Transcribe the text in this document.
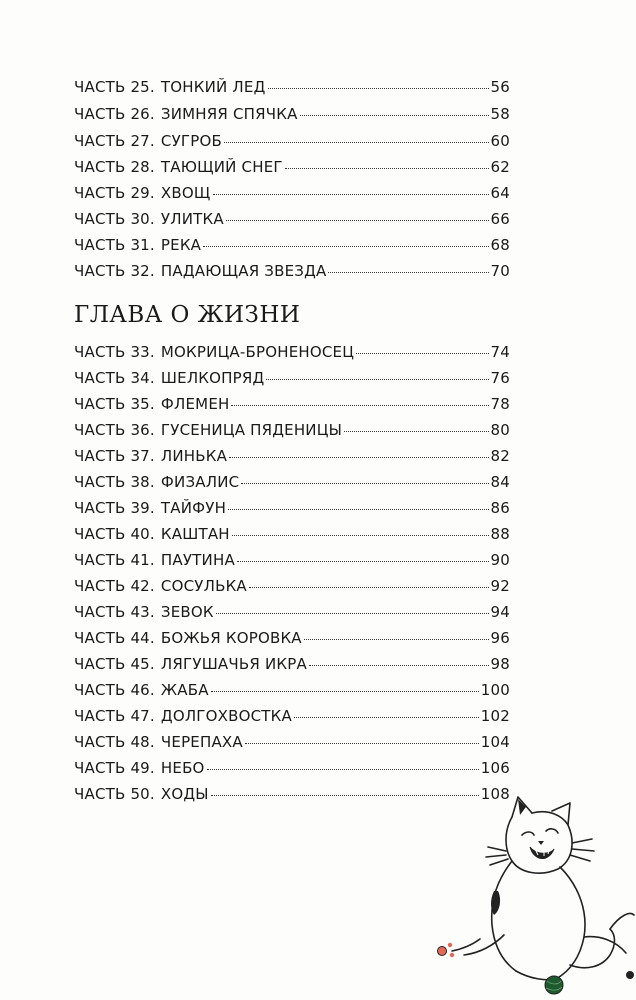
ЧАСТЬ 25. ТОНКИЙ ЛЕД	56
ЧАСТЬ 26. ЗИМНЯЯ СПЯЧКА	58
ЧАСТЬ 27. СУГРОБ	60
ЧАСТЬ 28. ТАЮЩИЙ СНЕГ	62
ЧАСТЬ 29. ХВОЩ	64
ЧАСТЬ 30. УЛИТКА	66
ЧАСТЬ 31. РЕКА	68
ЧАСТЬ 32. ПАДАЮЩАЯ ЗВЕЗДА	70
ГЛАВА О ЖИЗНИ
ЧАСТЬ 33. МОКРИЦА-БРОНЕНОСЕЦ	74
ЧАСТЬ 34. ШЕЛКОПРЯД	76
ЧАСТЬ 35. ФЛЕМЕН	78
ЧАСТЬ 36. ГУСЕНИЦА ПЯДЕНИЦЫ	80
ЧАСТЬ 37. ЛИНЬКА	82
ЧАСТЬ 38. ФИЗАЛИС	84
ЧАСТЬ 39. ТАЙФУН	86
ЧАСТЬ 40. КАШТАН	88
ЧАСТЬ 41. ПАУТИНА	90
ЧАСТЬ 42. СОСУЛЬКА	92
ЧАСТЬ 43. ЗЕВОК	94
ЧАСТЬ 44. БОЖЬЯ КОРОВКА	96
ЧАСТЬ 45. ЛЯГУШАЧЬЯ ИКРА	98
ЧАСТЬ 46. ЖАБА	100
ЧАСТЬ 47. ДОЛГОХВОСТКА	102
ЧАСТЬ 48. ЧЕРЕПАХА	104
ЧАСТЬ 49. НЕБО	106
ЧАСТЬ 50. ХОДЫ	108
